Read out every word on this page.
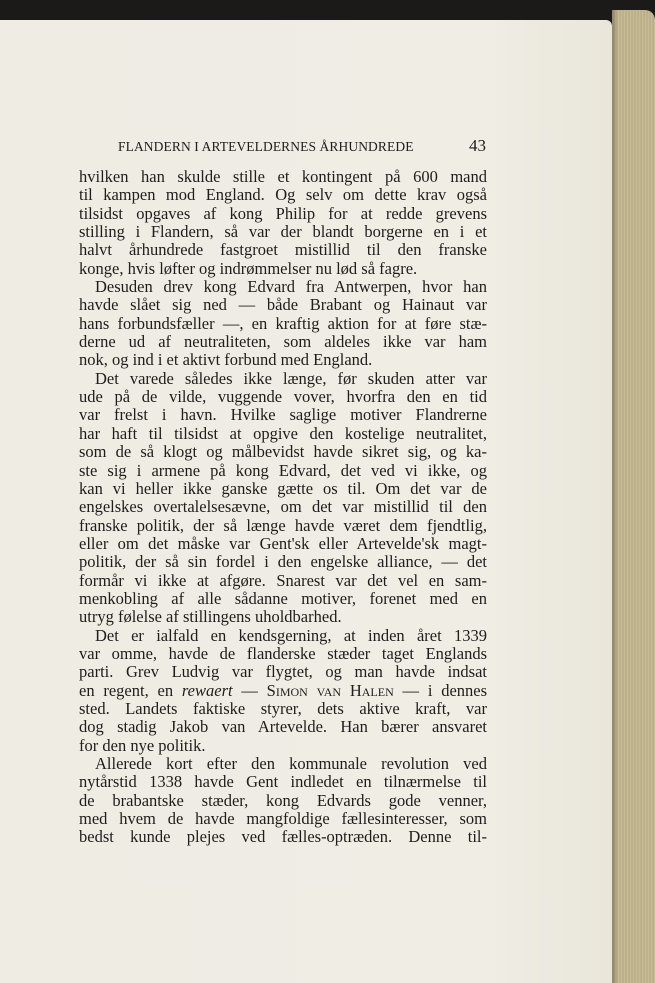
FLANDERN I ARTEVELDERNES ÅRHUNDREDE	43
hvilken han skulde stille et kontingent på 600 mand
til kampen mod England. Og selv om dette krav også
tilsidst opgaves af kong Philip for at redde grevens
stilling i Flandern, så var der blandt borgerne en i et
halvt århundrede fastgroet mistillid til den franske
konge, hvis løfter og indrømmelser nu lød så fagre.
Desuden drev kong Edvard fra Antwerpen, hvor han
havde slået sig ned — både Brabant og Hainaut var
hans forbundsfæller —, en kraftig aktion for at føre stæ-
derne ud af neutraliteten, som aldeles ikke var ham
nok, og ind i et aktivt forbund med England.
Det varede således ikke længe, før skuden atter var
ude på de vilde, vuggende vover, hvorfra den en tid
var frelst i havn. Hvilke saglige motiver Flandrerne
har haft til tilsidst at opgive den kostelige neutralitet,
som de så klogt og målbevidst havde sikret sig, og ka-
ste sig i armene på kong Edvard, det ved vi ikke, og
kan vi heller ikke ganske gætte os til. Om det var de
engelskes overtalelsesævne, om det var mistillid til den
franske politik, der så længe havde været dem fjendtlig,
eller om det måske var Gent'sk eller Artevelde'sk magt-
politik, der så sin fordel i den engelske alliance, — det
formår vi ikke at afgøre. Snarest var det vel en sam-
menkobling af alle sådanne motiver, forenet med en
utryg følelse af stillingens uholdbarhed.
Det er ialfald en kendsgerning, at inden året 1339
var omme, havde de flanderske stæder taget Englands
parti. Grev Ludvig var flygtet, og man havde indsat
en regent, en rewaert — Simon van Halen — i dennes
sted. Landets faktiske styrer, dets aktive kraft, var
dog stadig Jakob van Artevelde. Han bærer ansvaret
for den nye politik.
Allerede kort efter den kommunale revolution ved
nytårstid 1338 havde Gent indledet en tilnærmelse til
de brabantske stæder, kong Edvards gode venner,
med hvem de havde mangfoldige fællesinteresser, som
bedst kunde plejes ved fælles-optræden. Denne til-
